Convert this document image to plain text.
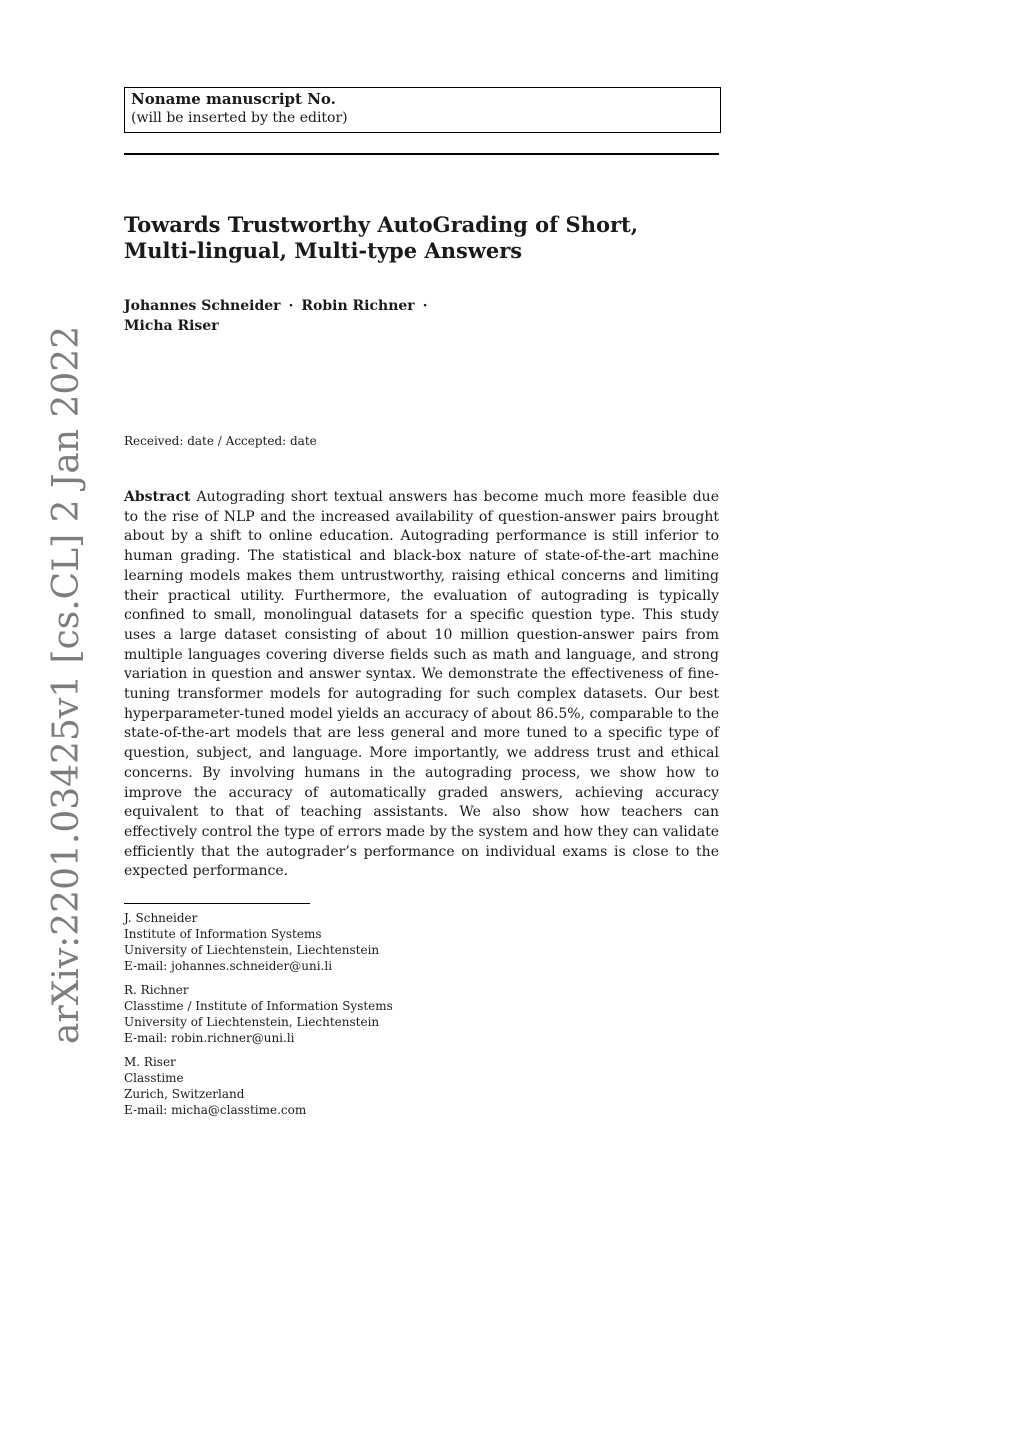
arXiv:2201.03425v1 [cs.CL] 2 Jan 2022
Noname manuscript No.
(will be inserted by the editor)
Towards Trustworthy AutoGrading of Short,
Multi-lingual, Multi-type Answers
Johannes Schneider · Robin Richner ·
Micha Riser
Received: date / Accepted: date

Abstract Autograding short textual answers has become much more feasible due to the rise of NLP and the increased availability of question-answer pairs brought about by a shift to online education. Autograding performance is still inferior to human grading. The statistical and black-box nature of state-of-the-art machine learning models makes them untrustworthy, raising ethical concerns and limiting their practical utility. Furthermore, the evaluation of autograding is typically confined to small, monolingual datasets for a specific question type. This study uses a large dataset consisting of about 10 million question-answer pairs from multiple languages covering diverse fields such as math and language, and strong variation in question and answer syntax. We demonstrate the effectiveness of fine-tuning transformer models for autograding for such complex datasets. Our best hyperparameter-tuned model yields an accuracy of about 86.5%, comparable to the state-of-the-art models that are less general and more tuned to a specific type of question, subject, and language. More importantly, we address trust and ethical concerns. By involving humans in the autograding process, we show how to improve the accuracy of automatically graded answers, achieving accuracy equivalent to that of teaching assistants. We also show how teachers can effectively control the type of errors made by the system and how they can validate efficiently that the autograder’s performance on individual exams is close to the expected performance.

J. Schneider
Institute of Information Systems
University of Liechtenstein, Liechtenstein
E-mail: johannes.schneider@uni.li
R. Richner
Classtime / Institute of Information Systems
University of Liechtenstein, Liechtenstein
E-mail: robin.richner@uni.li
M. Riser
Classtime
Zurich, Switzerland
E-mail: micha@classtime.com
